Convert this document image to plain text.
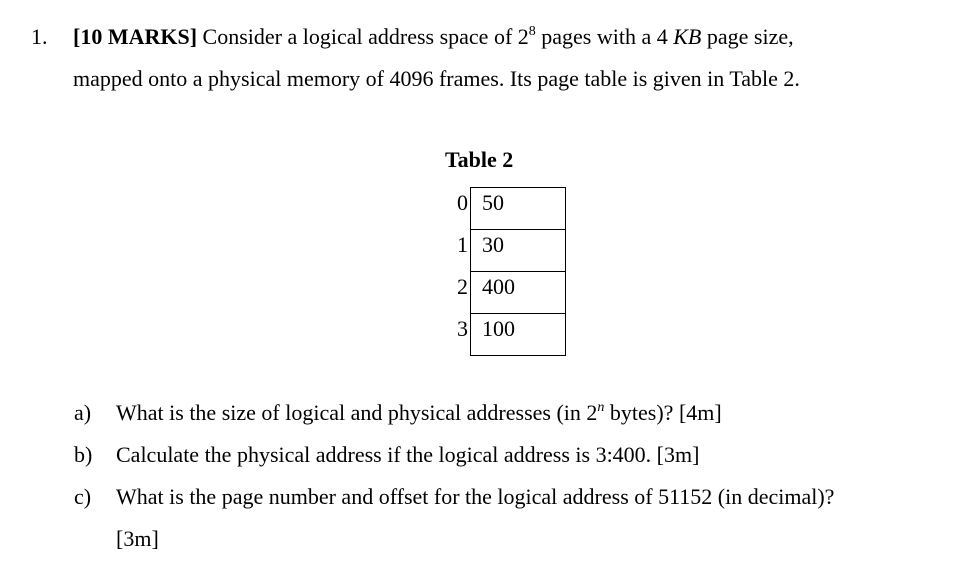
1. [10 MARKS] Consider a logical address space of $2^8$ pages with a 4 KB page size,
mapped onto a physical memory of 4096 frames. Its page table is given in Table 2.
Table 2
0 50
1 30
2 400
3 100
a) What is the size of logical and physical addresses (in 2$^n$ bytes)? [4m]
b) Calculate the physical address if the logical address is 3:400. [3m]
c) What is the page number and offset for the logical address of 51152 (in decimal)?
[3m]
